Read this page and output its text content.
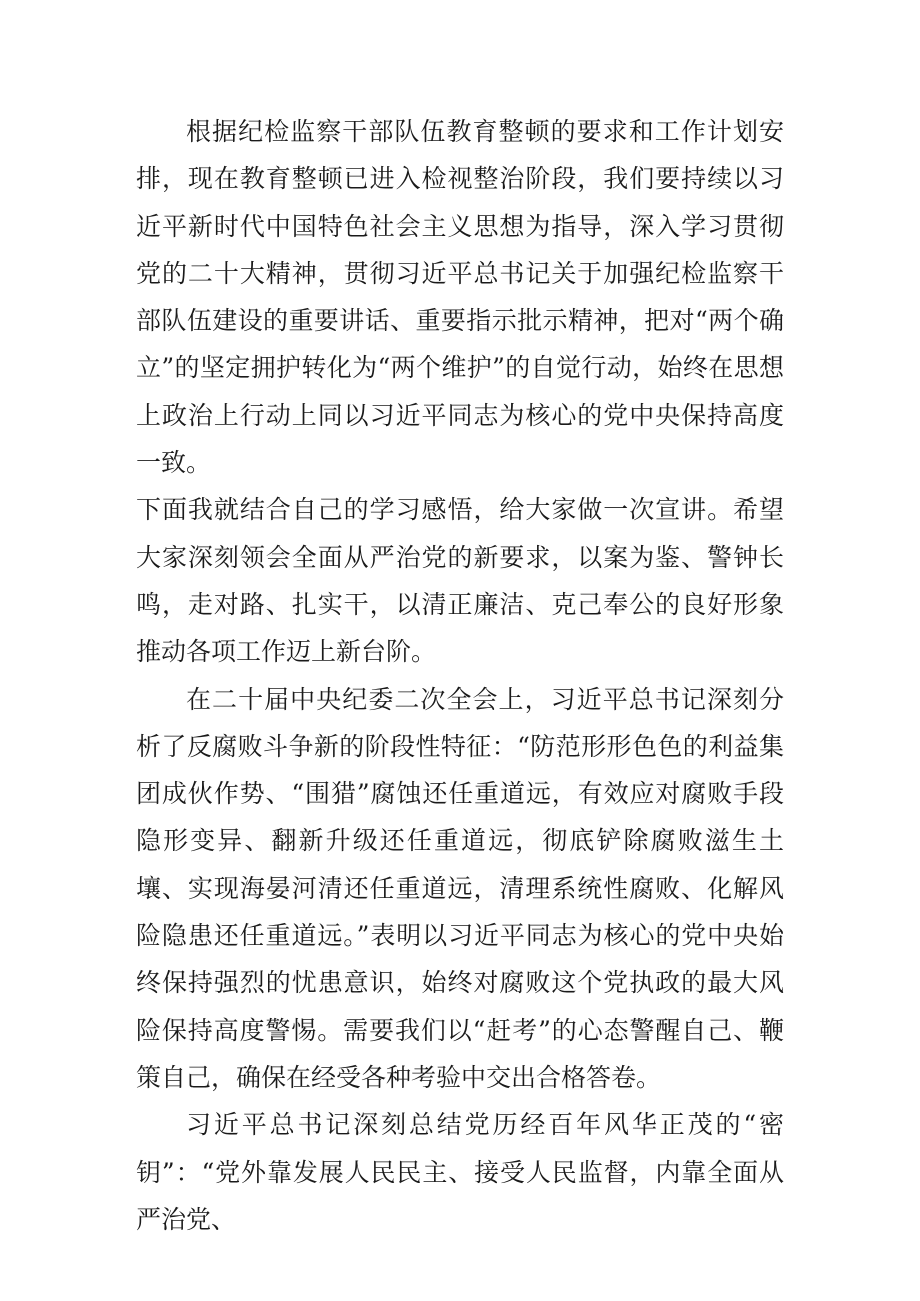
根据纪检监察干部队伍教育整顿的要求和工作计划安排，现在教育整顿已进入检视整治阶段，我们要持续以习近平新时代中国特色社会主义思想为指导，深入学习贯彻党的二十大精神，贯彻习近平总书记关于加强纪检监察干部队伍建设的重要讲话、重要指示批示精神，把对“两个确立”的坚定拥护转化为“两个维护”的自觉行动，始终在思想上政治上行动上同以习近平同志为核心的党中央保持高度一致。

下面我就结合自己的学习感悟，给大家做一次宣讲。希望大家深刻领会全面从严治党的新要求，以案为鉴、警钟长鸣，走对路、扎实干，以清正廉洁、克己奉公的良好形象推动各项工作迈上新台阶。

在二十届中央纪委二次全会上，习近平总书记深刻分析了反腐败斗争新的阶段性特征：“防范形形色色的利益集团成伙作势、“围猎”腐蚀还任重道远，有效应对腐败手段隐形变异、翻新升级还任重道远，彻底铲除腐败滋生土壤、实现海晏河清还任重道远，清理系统性腐败、化解风险隐患还任重道远。”表明以习近平同志为核心的党中央始终保持强烈的忧患意识，始终对腐败这个党执政的最大风险保持高度警惕。需要我们以“赶考”的心态警醒自己、鞭策自己，确保在经受各种考验中交出合格答卷。

习近平总书记深刻总结党历经百年风华正茂的“密钥”：“党外靠发展人民民主、接受人民监督，内靠全面从严治党、
